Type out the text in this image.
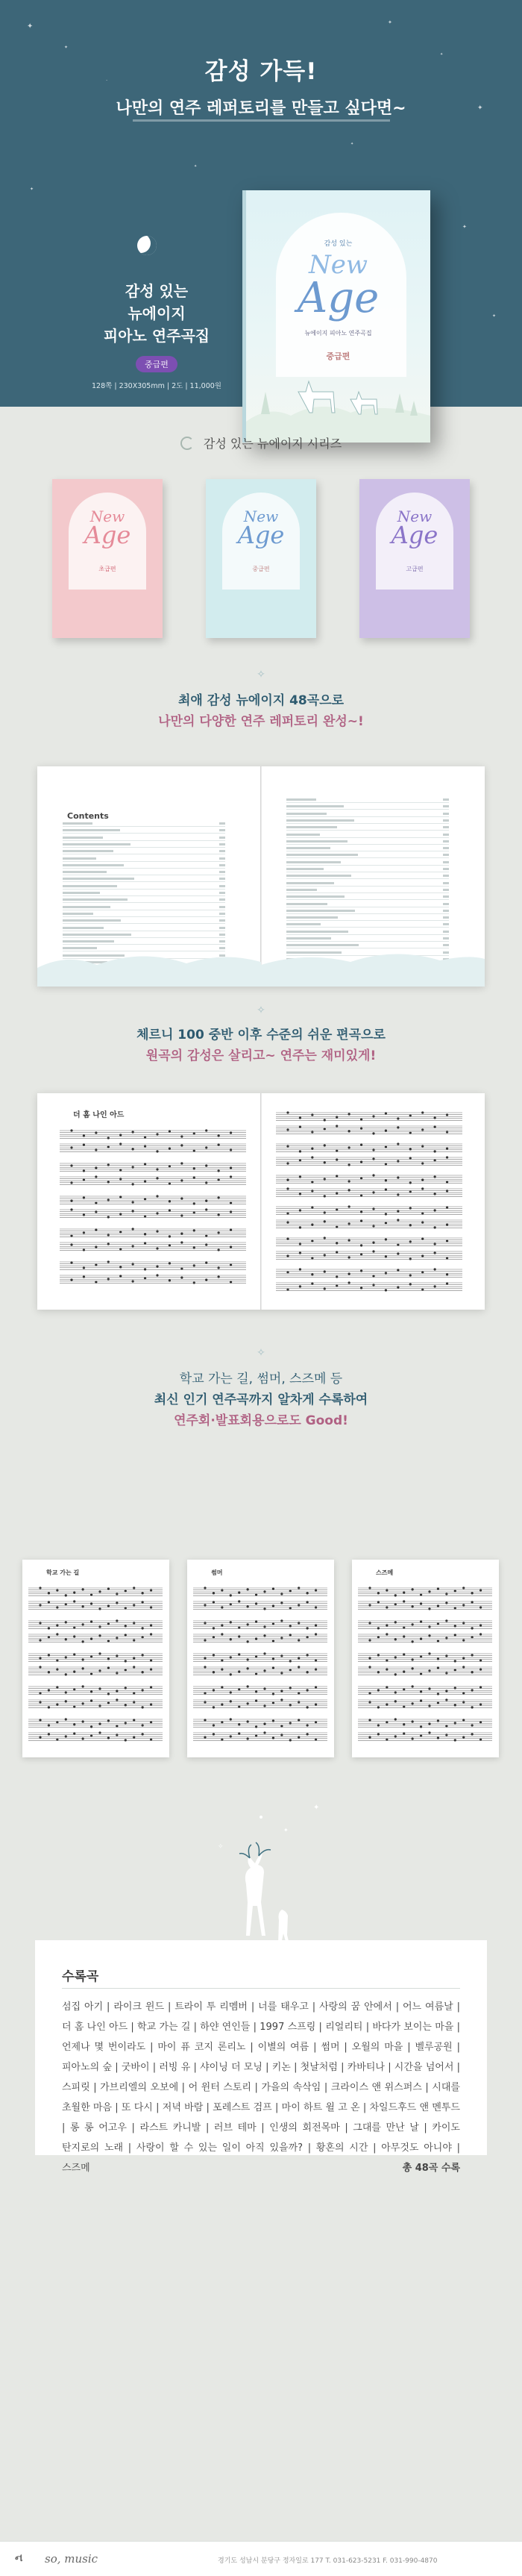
✦
✦
·
✦
✦
✦
✦
✦
✦
✦
✦
감성 가득!
나만의 연주 레퍼토리를 만들고 싶다면~
감성 있는
뉴에이지
피아노 연주곡집
중급편
128쪽 | 230X305mm | 2도 | 11,000원
감성 있는
New
Age
뉴에이지 피아노 연주곡집
중급편
감성 있는 뉴에이지 시리즈
New
Age
초급편
New
Age
중급편
New
Age
고급편
✧
최애 감성 뉴에이지 48곡으로
나만의 다양한 연주 레퍼토리 완성~!
Contents
✧
체르니 100 중반 이후 수준의 쉬운 편곡으로
원곡의 감성은 살리고~ 연주는 재미있게!
더 홈 나인 아드
✧
학교 가는 길, 썸머, 스즈메 등
최신 인기 연주곡까지 알차게 수록하여
연주회·발표회용으로도 Good!
학교 가는 길	썸머	스즈메
✦
✦
✧
수록곡
섬집 아기 | 라이크 윈드 | 트라이 투 리멤버 | 너를 태우고 | 사랑의 꿈 안에서 | 어느 여름날 | 더 홈 나인 아드 | 학교 가는 길 | 하얀 연인들 | 1997 스프링 | 리얼리티 | 바다가 보이는 마을 | 언제나 몇 번이라도 | 마이 퓨 코지 론리노 | 이별의 여름 | 썸머 | 오월의 마을 | 벨루공원 | 피아노의 숲 | 굿바이 | 러빙 유 | 샤이닝 더 모닝 | 키논 | 첫날처럼 | 카바티나 | 시간을 넘어서 | 스피릿 | 가브리엘의 오보에 | 어 윈터 스토리 | 가을의 속삭임 | 크라이스 앤 위스퍼스 | 시대를 초월한 마음 | 또 다시 | 저녁 바람 | 포레스트 검프 | 마이 하트 윌 고 온 | 차일드후드 앤 멘투드 | 롱 롱 어고우 | 라스트 카니발 | 러브 테마 | 인생의 회전목마 | 그대를 만난 날 | 카이도 탄지로의 노래 | 사랑이 할 수 있는 일이 아직 있을까? | 황혼의 시간 | 아무것도 아니야 | 스즈메	총 48곡 수록
ન so, music	경기도 성남시 분당구 정자일로 177 T. 031-623-5231 F. 031-990-4870
